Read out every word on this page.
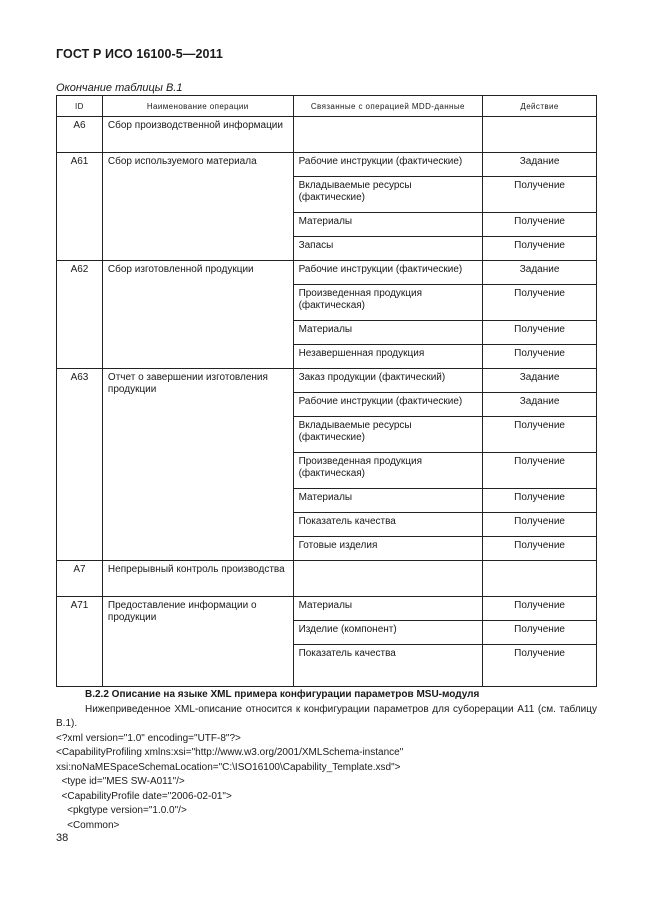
ГОСТ Р ИСО 16100-5—2011
Окончание таблицы В.1
ID	Наименование операции	Связанные с операцией MDD-данные	Действие
A6	Сбор производственной информации		
A61	Сбор используемого материала	Рабочие инструкции (фактические)	Задание
		Вкладываемые ресурсы (фактические)	Получение
		Материалы	Получение
		Запасы	Получение
A62	Сбор изготовленной продукции	Рабочие инструкции (фактические)	Задание
		Произведенная продукция (фактическая)	Получение
		Материалы	Получение
		Незавершенная продукция	Получение
A63	Отчет о завершении изготовления продукции	Заказ продукции (фактический)	Задание
		Рабочие инструкции (фактические)	Задание
		Вкладываемые ресурсы (фактические)	Получение
		Произведенная продукция (фактическая)	Получение
		Материалы	Получение
		Показатель качества	Получение
		Готовые изделия	Получение
A7	Непрерывный контроль производства		
A71	Предоставление информации о продукции	Материалы	Получение
		Изделие (компонент)	Получение
		Показатель качества	Получение
В.2.2 Описание на языке XML примера конфигурации параметров MSU-модуля
Нижеприведенное XML-описание относится к конфигурации параметров для суборерации A11 (см. таблицу В.1).
<?xml version="1.0" encoding="UTF-8"?>
<CapabilityProfiling xmlns:xsi="http://www.w3.org/2001/XMLSchema-instance"
xsi:noNaMESpaceSchemaLocation="C:\ISO16100\Capability_Template.xsd">
<type id="MES SW-A011"/>
<CapabilityProfile date="2006-02-01">
<pkgtype version="1.0.0"/>
<Common>
38
